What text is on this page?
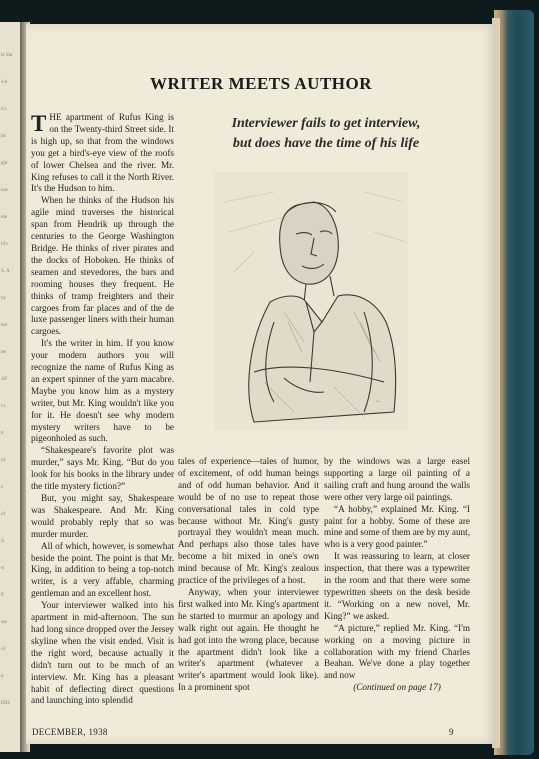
le Sta
wh
it's
lts
ght
ous
me
ld's
S. A
ny
hor
ne
AF
vi
tr
id
e
of
is
ts
P
ost
of
n
ERS
WRITER MEETS AUTHOR
Interviewer fails to get interview,
but does have the time of his life
T HE apartment of Rufus King is on the Twenty-third Street side. It is high up, so that from the windows you get a bird's-eye view of the roofs of lower Chelsea and the river. Mr. King refuses to call it the North River. It's the Hudson to him.

When he thinks of the Hudson his agile mind traverses the historical span from Hendrik up through the centuries to the George Washington Bridge. He thinks of river pirates and the docks of Hoboken. He thinks of seamen and stevedores, the bars and rooming houses they frequent. He thinks of tramp freighters and their cargoes from far places and of the de luxe passenger liners with their human cargoes.

It's the writer in him. If you know your modern authors you will recognize the name of Rufus King as an expert spinner of the yarn macabre. Maybe you know him as a mystery writer, but Mr. King wouldn't like you for it. He doesn't see why modern mystery writers have to be pigeonholed as such.

“Shakespeare's favorite plot was murder,” says Mr. King. “But do you look for his books in the library under the title mystery fiction?”

But, you might say, Shakespeare was Shakespeare. And Mr. King would probably reply that so was murder murder.

All of which, however, is somewhat beside the point. The point is that Mr. King, in addition to being a top-notch writer, is a very affable, charming gentleman and an excellent host.

Your interviewer walked into his apartment in mid-afternoon. The sun had long since dropped over the Jersey skyline when the visit ended. Visit is the right word, because actually it didn't turn out to be much of an interview. Mr. King has a pleasant habit of deflecting direct questions and launching into splendid

~

tales of experience—tales of humor, of excitement, of odd human beings and of odd human behavior. And it would be of no use to repeat those conversational tales in cold type because without Mr. King's gusty portrayal they wouldn't mean much. And perhaps also those tales have become a bit mixed in one's own mind because of Mr. King's zealous practice of the privileges of a host.

Anyway, when your interviewer first walked into Mr. King's apartment he started to murmur an apology and walk right out again. He thought he had got into the wrong place, because the apartment didn't look like a writer's apartment (whatever a writer's apartment would look like). In a prominent spot

by the windows was a large easel supporting a large oil painting of a sailing craft and hung around the walls were other very large oil paintings.

“A hobby,” explained Mr. King. “I paint for a hobby. Some of these are mine and some of them are by my aunt, who is a very good painter.”

It was reassuring to learn, at closer inspection, that there was a typewriter in the room and that there were some typewritten sheets on the desk beside it. “Working on a new novel, Mr. King?” we asked.

“A picture,” replied Mr. King. “I'm working on a moving picture in collaboration with my friend Charles Beahan. We've done a play together and now

(Continued on page 17)
DECEMBER, 1938	9
